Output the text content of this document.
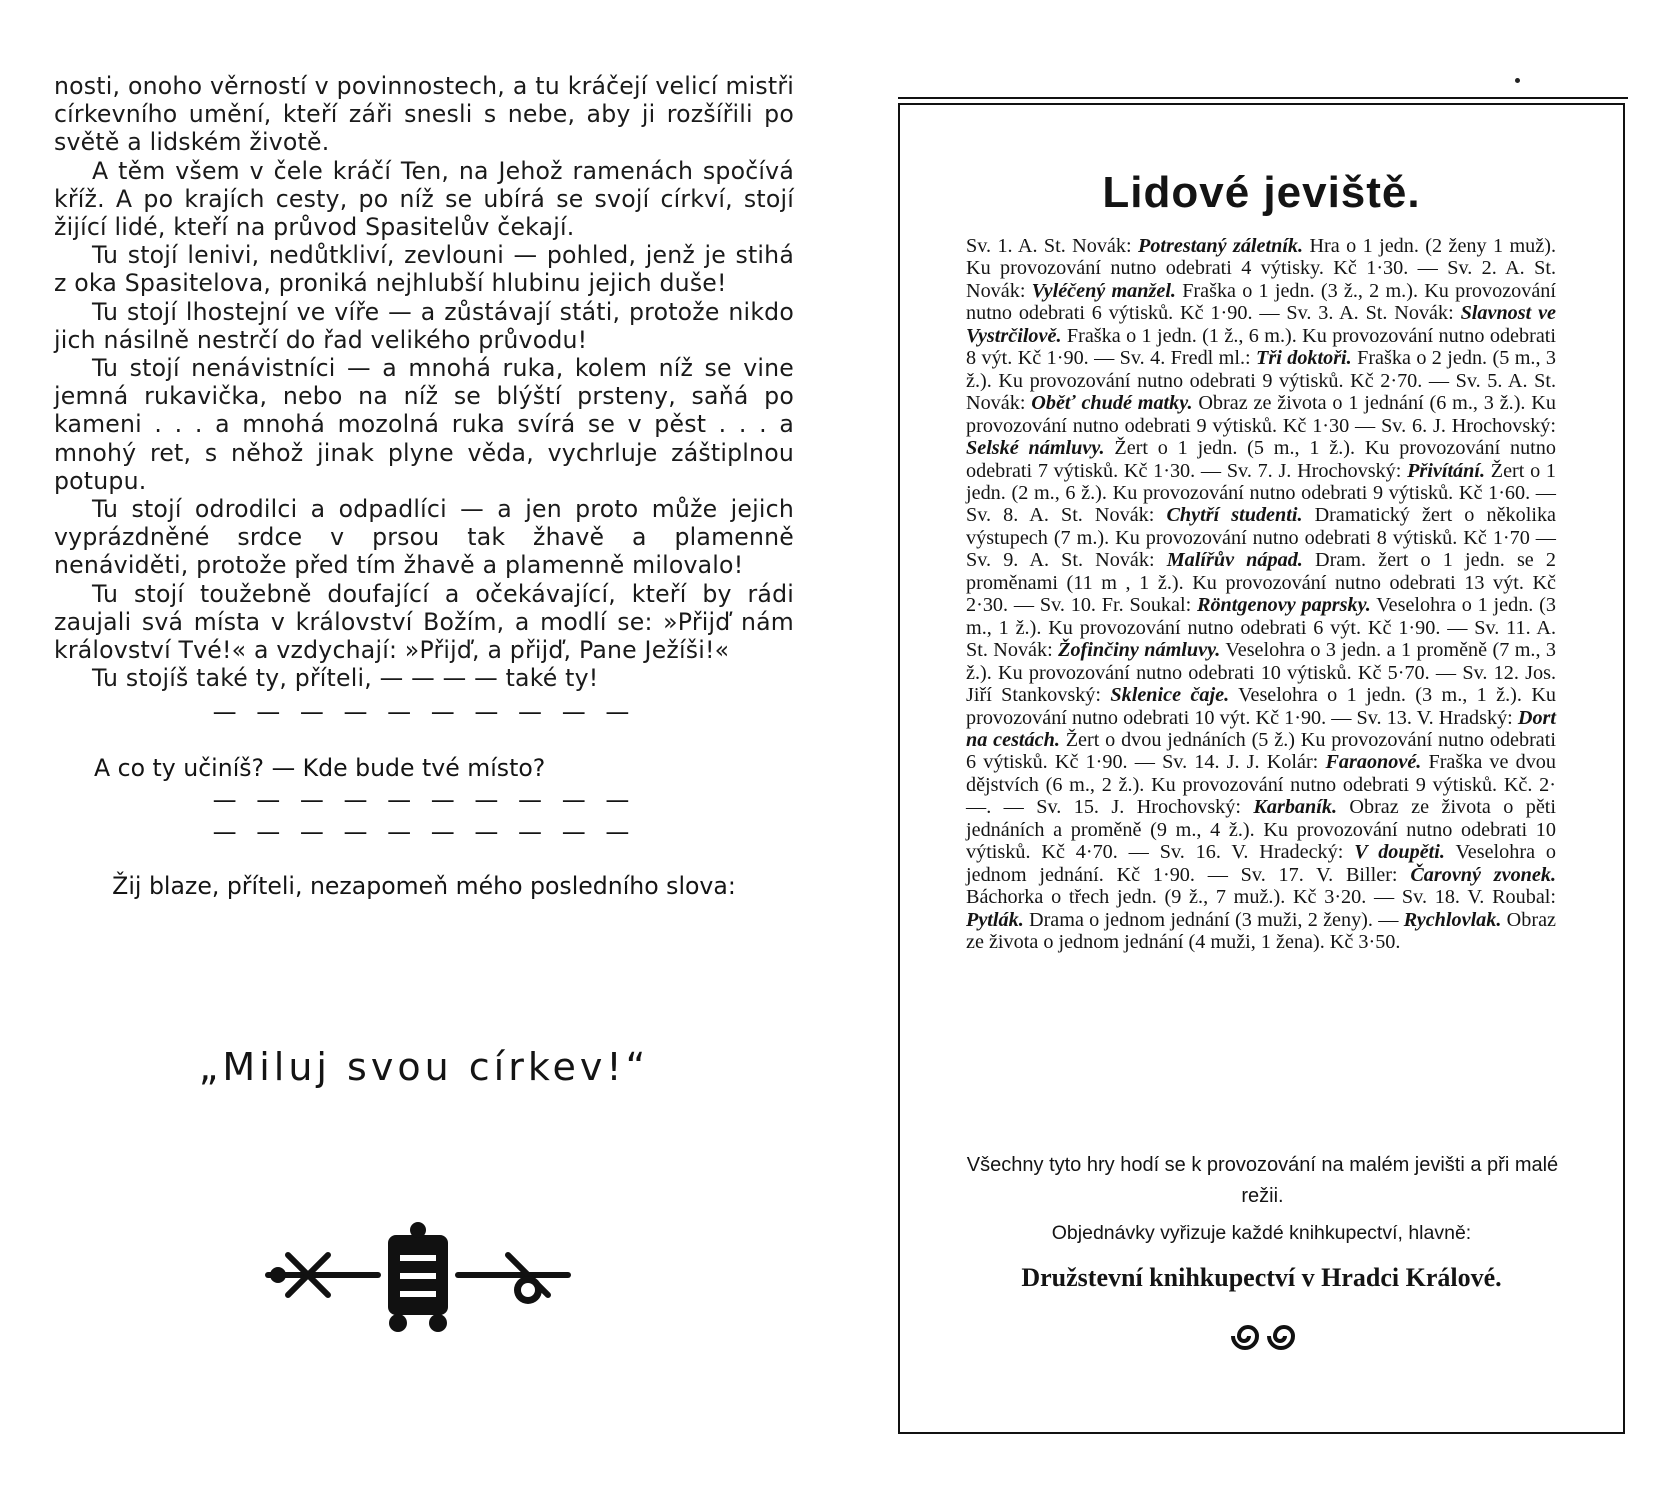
nosti, onoho věrností v povinnostech, a tu kráčejí velicí mistři církevního umění, kteří záři snesli s nebe, aby ji rozšířili po světě a lidském životě.

A těm všem v čele kráčí Ten, na Jehož ramenách spočívá kříž. A po krajích cesty, po níž se ubírá se svojí církví, stojí žijící lidé, kteří na průvod Spasitelův čekají.

Tu stojí lenivi, nedůtkliví, zevlouni — pohled, jenž je stihá z oka Spasitelova, proniká nejhlubší hlubinu jejich duše!

Tu stojí lhostejní ve víře — a zůstávají státi, protože nikdo jich násilně nestrčí do řad velikého průvodu!

Tu stojí nenávistníci — a mnohá ruka, kolem níž se vine jemná rukavička, nebo na níž se blýští prsteny, saňá po kameni . . . a mnohá mozolná ruka svírá se v pěst . . . a mnohý ret, s něhož jinak plyne věda, vychrluje záštiplnou potupu.

Tu stojí odrodilci a odpadlíci — a jen proto může jejich vyprázdněné srdce v prsou tak žhavě a plamenně nenáviděti, protože před tím žhavě a plamenně milovalo!

Tu stojí toužebně doufající a očekávající, kteří by rádi zaujali svá místa v království Božím, a modlí se: »Přijď nám království Tvé!« a vzdychají: »Přijď, a přijď, Pane Ježíši!«

Tu stojíš také ty, příteli, — — — — také ty!

— — — — — — — — — —

A co ty učiníš? — Kde bude tvé místo?

— — — — — — — — — —

— — — — — — — — — —

Žij blaze, příteli, nezapomeň mého posledního slova:

„Miluj svou církev!“
Lidové jeviště.

Sv. 1. A. St. Novák: Potrestaný záletník. Hra o 1 jedn. (2 ženy 1 muž). Ku provozování nutno odebrati 4 výtisky. Kč 1·30. — Sv. 2. A. St. Novák: Vyléčený manžel. Fraška o 1 jedn. (3 ž., 2 m.). Ku provozování nutno odebrati 6 výtisků. Kč 1·90. — Sv. 3. A. St. Novák: Slavnost ve Vystrčilově. Fraška o 1 jedn. (1 ž., 6 m.). Ku provozování nutno odebrati 8 výt. Kč 1·90. — Sv. 4. Fredl ml.: Tři doktoři. Fraška o 2 jedn. (5 m., 3 ž.). Ku provozování nutno odebrati 9 výtisků. Kč 2·70. — Sv. 5. A. St. Novák: Oběť chudé matky. Obraz ze života o 1 jednání (6 m., 3 ž.). Ku provozování nutno odebrati 9 výtisků. Kč 1·30 — Sv. 6. J. Hrochovský: Selské námluvy. Žert o 1 jedn. (5 m., 1 ž.). Ku provozování nutno odebrati 7 výtisků. Kč 1·30. — Sv. 7. J. Hrochovský: Přivítání. Žert o 1 jedn. (2 m., 6 ž.). Ku provozování nutno odebrati 9 výtisků. Kč 1·60. — Sv. 8. A. St. Novák: Chytří studenti. Dramatický žert o několika výstupech (7 m.). Ku provozování nutno odebrati 8 výtisků. Kč 1·70 — Sv. 9. A. St. Novák: Malířův nápad. Dram. žert o 1 jedn. se 2 proměnami (11 m , 1 ž.). Ku provozování nutno odebrati 13 výt. Kč 2·30. — Sv. 10. Fr. Soukal: Röntgenovy paprsky. Veselohra o 1 jedn. (3 m., 1 ž.). Ku provozování nutno odebrati 6 výt. Kč 1·90. — Sv. 11. A. St. Novák: Žofinčiny námluvy. Veselohra o 3 jedn. a 1 proměně (7 m., 3 ž.). Ku provozování nutno odebrati 10 výtisků. Kč 5·70. — Sv. 12. Jos. Jiří Stankovský: Sklenice čaje. Veselohra o 1 jedn. (3 m., 1 ž.). Ku provozování nutno odebrati 10 výt. Kč 1·90. — Sv. 13. V. Hradský: Dort na cestách. Žert o dvou jednáních (5 ž.) Ku provozování nutno odebrati 6 výtisků. Kč 1·90. — Sv. 14. J. J. Kolár: Faraonové. Fraška ve dvou dějstvích (6 m., 2 ž.). Ku provozování nutno odebrati 9 výtisků. Kč. 2·—. — Sv. 15. J. Hrochovský: Karbaník. Obraz ze života o pěti jednáních a proměně (9 m., 4 ž.). Ku provozování nutno odebrati 10 výtisků. Kč 4·70. — Sv. 16. V. Hradecký: V doupěti. Veselohra o jednom jednání. Kč 1·90. — Sv. 17. V. Biller: Čarovný zvonek. Báchorka o třech jedn. (9 ž., 7 muž.). Kč 3·20. — Sv. 18. V. Roubal: Pytlák. Drama o jednom jednání (3 muži, 2 ženy). — Rychlovlak. Obraz ze života o jednom jednání (4 muži, 1 žena). Kč 3·50.

Všechny tyto hry hodí se k provozování na malém jevišti a při malé režii.

Objednávky vyřizuje každé knihkupectví, hlavně:

Družstevní knihkupectví v Hradci Králové.
